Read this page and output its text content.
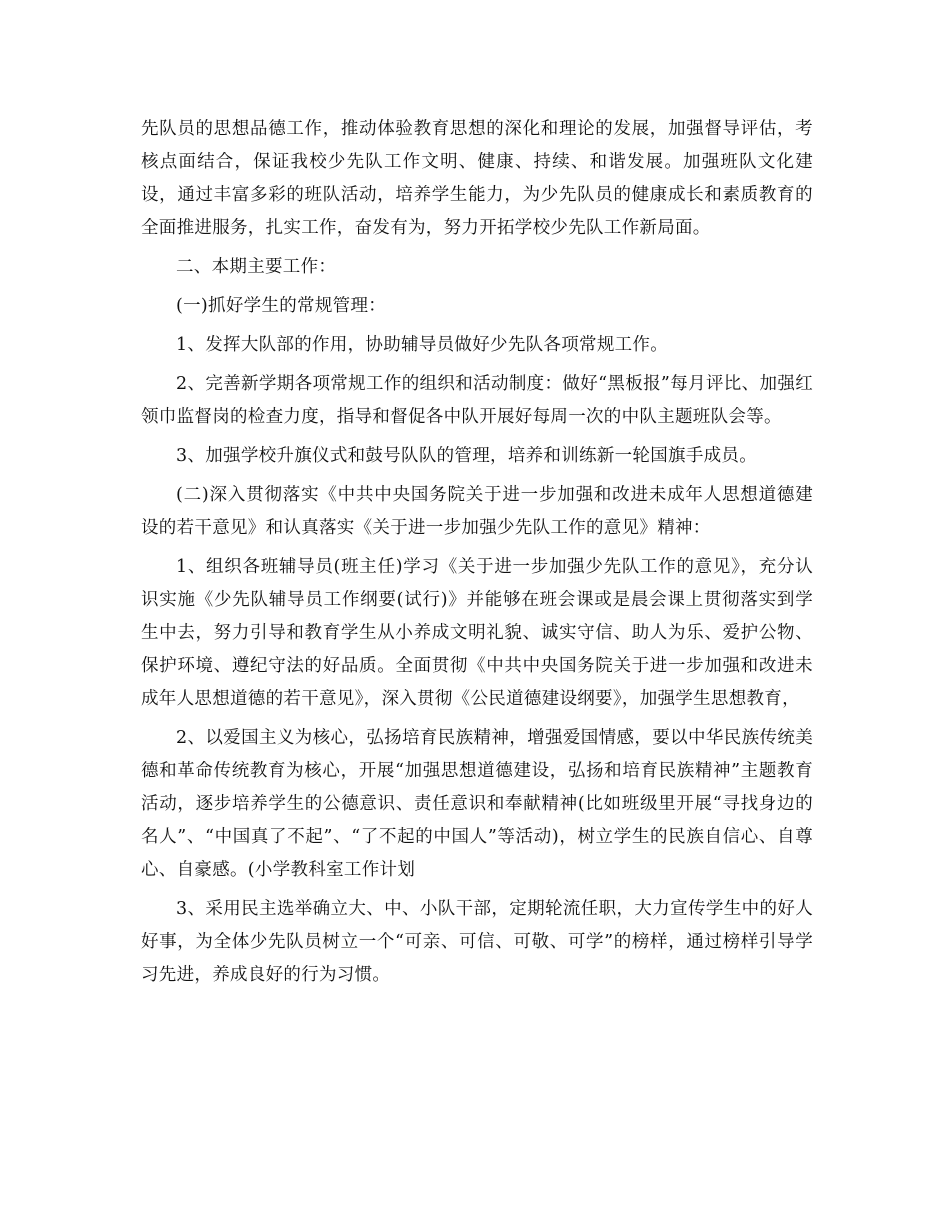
先队员的思想品德工作，推动体验教育思想的深化和理论的发展，加强督导评估，考核点面结合，保证我校少先队工作文明、健康、持续、和谐发展。加强班队文化建设，通过丰富多彩的班队活动，培养学生能力，为少先队员的健康成长和素质教育的全面推进服务，扎实工作，奋发有为，努力开拓学校少先队工作新局面。

二、本期主要工作：

(一)抓好学生的常规管理：

1、发挥大队部的作用，协助辅导员做好少先队各项常规工作。

2、完善新学期各项常规工作的组织和活动制度：做好“黑板报”每月评比、加强红领巾监督岗的检查力度，指导和督促各中队开展好每周一次的中队主题班队会等。

3、加强学校升旗仪式和鼓号队队的管理，培养和训练新一轮国旗手成员。

(二)深入贯彻落实《中共中央国务院关于进一步加强和改进未成年人思想道德建设的若干意见》和认真落实《关于进一步加强少先队工作的意见》精神：

1、组织各班辅导员(班主任)学习《关于进一步加强少先队工作的意见》，充分认识实施《少先队辅导员工作纲要(试行)》并能够在班会课或是晨会课上贯彻落实到学生中去，努力引导和教育学生从小养成文明礼貌、诚实守信、助人为乐、爱护公物、保护环境、遵纪守法的好品质。全面贯彻《中共中央国务院关于进一步加强和改进未成年人思想道德的若干意见》，深入贯彻《公民道德建设纲要》，加强学生思想教育，

2、以爱国主义为核心，弘扬培育民族精神，增强爱国情感，要以中华民族传统美德和革命传统教育为核心，开展“加强思想道德建设，弘扬和培育民族精神”主题教育活动，逐步培养学生的公德意识、责任意识和奉献精神(比如班级里开展“寻找身边的名人”、“中国真了不起”、“了不起的中国人”等活动)，树立学生的民族自信心、自尊心、自豪感。(小学教科室工作计划

3、采用民主选举确立大、中、小队干部，定期轮流任职，大力宣传学生中的好人好事，为全体少先队员树立一个“可亲、可信、可敬、可学”的榜样，通过榜样引导学习先进，养成良好的行为习惯。
